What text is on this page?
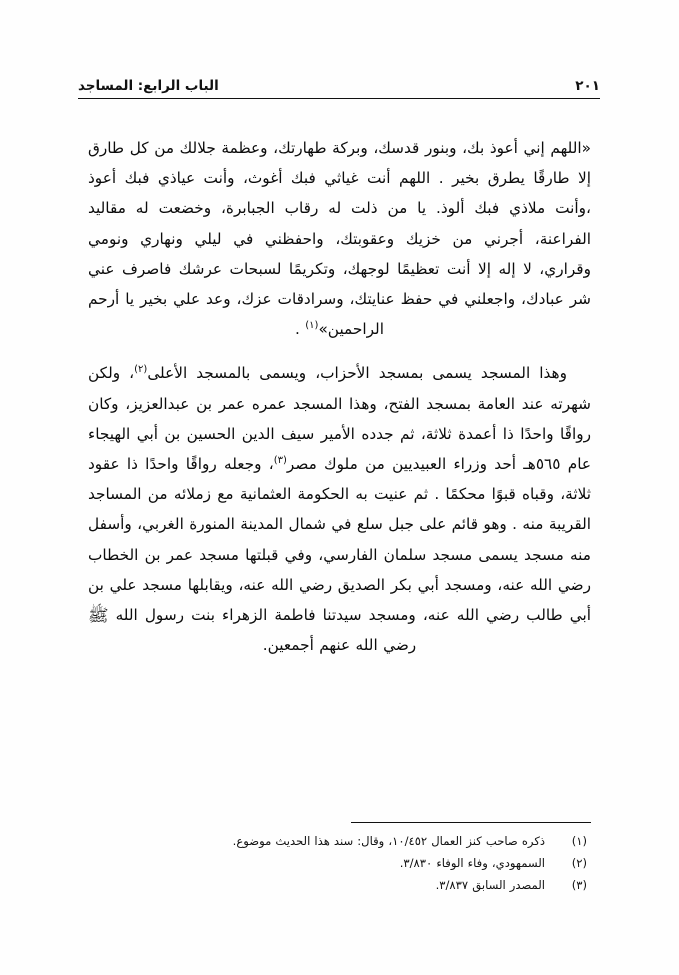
الباب الرابع: المساجد	٢٠١

«اللهم إني أعوذ بك، وبنور قدسك، وبركة طهارتك، وعظمة جلالك من كل طارق إلا طارقًا يطرق بخير . اللهم أنت غياثي فبك أغوث، وأنت عياذي فبك أعوذ ،وأنت ملاذي فبك ألوذ. يا من ذلت له رقاب الجبابرة، وخضعت له مقاليد الفراعنة، أجرني من خزيك وعقوبتك، واحفظني في ليلي ونهاري ونومي وقراري، لا إله إلا أنت تعظيمًا لوجهك، وتكريمًا لسبحات عرشك فاصرف عني شر عبادك، واجعلني في حفظ عنايتك، وسرادقات عزك، وعد علي بخير يا أرحم الراحمين»$^{(١)}$ .

وهذا المسجد يسمى بمسجد الأحزاب، ويسمى بالمسجد الأعلى$^{(٢)}$، ولكن شهرته عند العامة بمسجد الفتح، وهذا المسجد عمره عمر بن عبدالعزيز، وكان رواقًا واحدًا ذا أعمدة ثلاثة، ثم جدده الأمير سيف الدين الحسين بن أبي الهيجاء عام ٥٦٥هـ أحد وزراء العبيديين من ملوك مصر$^{(٣)}$، وجعله رواقًا واحدًا ذا عقود ثلاثة، وقباه قبوًا محكمًا . ثم عنيت به الحكومة العثمانية مع زملائه من المساجد القريبة منه . وهو قائم على جبل سلع في شمال المدينة المنورة الغربي، وأسفل منه مسجد يسمى مسجد سلمان الفارسي، وفي قبلتها مسجد عمر بن الخطاب رضي الله عنه، ومسجد أبي بكر الصديق رضي الله عنه، ويقابلها مسجد علي بن أبي طالب رضي الله عنه، ومسجد سيدتنا فاطمة الزهراء بنت رسول الله ﷺ رضي الله عنهم أجمعين.

(١)
ذكره صاحب كنز العمال ١٠/٤٥٢، وقال: سند هذا الحديث موضوع.
(٢)
السمهودي، وفاء الوفاء ٣/٨٣٠.
(٣)
المصدر السابق ٣/٨٣٧.
